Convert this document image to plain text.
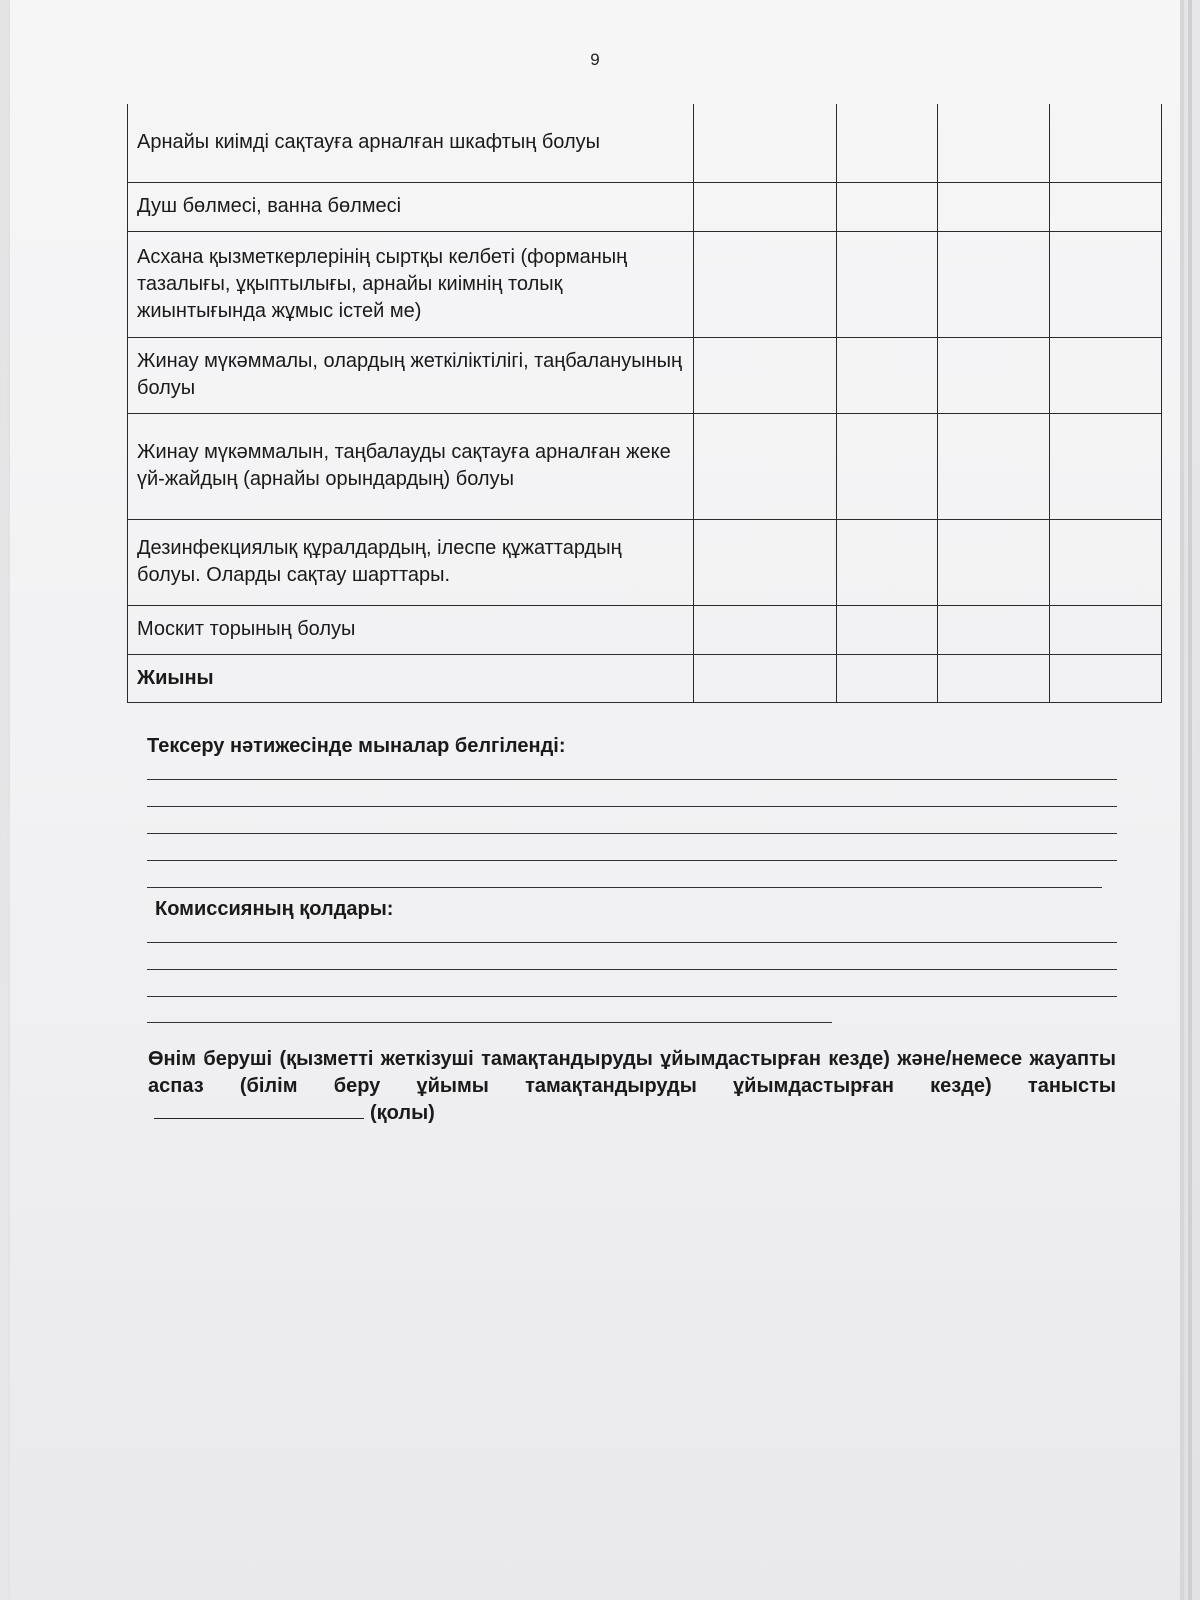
9
Арнайы киімді сақтауға арналған шкафтың болуы				
Душ бөлмесі, ванна бөлмесі				
Асхана қызметкерлерінің сыртқы келбеті (форманың тазалығы, ұқыптылығы, арнайы киімнің толық жиынтығында жұмыс істей ме)				
Жинау мүкәммалы, олардың жеткіліктілігі, таңбалануының болуы				
Жинау мүкәммалын, таңбалауды сақтауға арналған жеке үй-жайдың (арнайы орындардың) болуы				
Дезинфекциялық құралдардың, ілеспе құжаттардың болуы. Оларды сақтау шарттары.				
Москит торының болуы				
Жиыны				
Тексеру нәтижесінде мыналар белгіленді:
Комиссияның қолдары:
Өнім беруші (қызметті жеткізуші тамақтандыруды ұйымдастырған кезде) және/немесе жауапты аспаз (білім беру ұйымы тамақтандыруды ұйымдастырған кезде) танысты(қолы)
